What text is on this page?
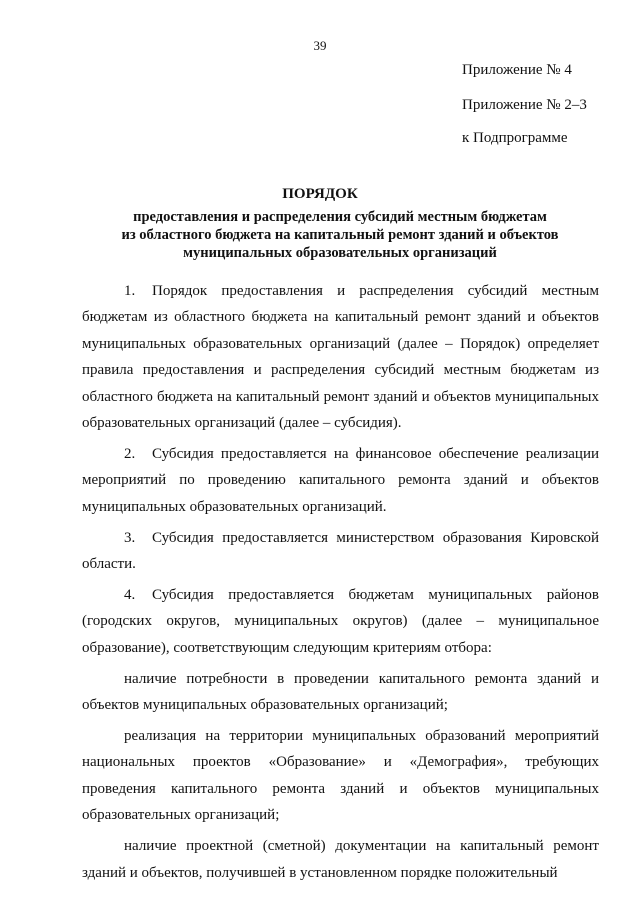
39
Приложение № 4
Приложение № 2–3
к Подпрограмме
ПОРЯДОК
предоставления и распределения субсидий местным бюджетам
из областного бюджета на капитальный ремонт зданий и объектов
муниципальных образовательных организаций

1. Порядок предоставления и распределения субсидий местным бюджетам из областного бюджета на капитальный ремонт зданий и объектов муниципальных образовательных организаций (далее – Порядок) определяет правила предоставления и распределения субсидий местным бюджетам из областного бюджета на капитальный ремонт зданий и объектов муниципальных образовательных организаций (далее – субсидия).

2. Субсидия предоставляется на финансовое обеспечение реализации мероприятий по проведению капитального ремонта зданий и объектов муниципальных образовательных организаций.

3. Субсидия предоставляется министерством образования Кировской области.

4. Субсидия предоставляется бюджетам муниципальных районов (городских округов, муниципальных округов) (далее – муниципальное образование), соответствующим следующим критериям отбора:

наличие потребности в проведении капитального ремонта зданий и объектов муниципальных образовательных организаций;

реализация на территории муниципальных образований мероприятий национальных проектов «Образование» и «Демография», требующих проведения капитального ремонта зданий и объектов муниципальных образовательных организаций;

наличие проектной (сметной) документации на капитальный ремонт зданий и объектов, получившей в установленном порядке положительный
